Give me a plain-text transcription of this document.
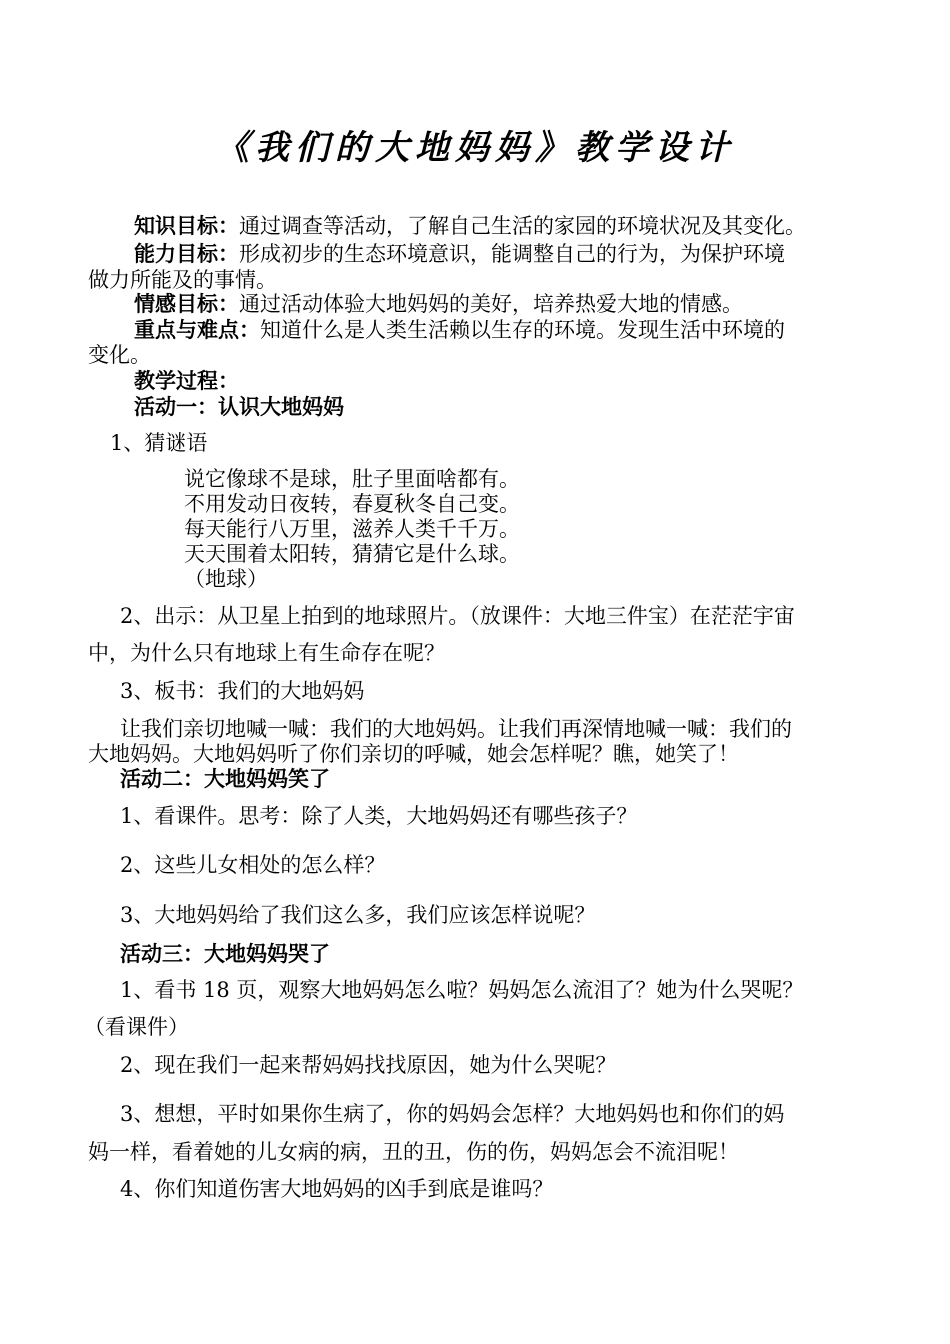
《我们的大地妈妈》教学设计
知识目标：通过调查等活动，了解自己生活的家园的环境状况及其变化。
能力目标：形成初步的生态环境意识，能调整自己的行为，为保护环境
做力所能及的事情。
情感目标：通过活动体验大地妈妈的美好，培养热爱大地的情感。
重点与难点：知道什么是人类生活赖以生存的环境。发现生活中环境的
变化。
教学过程：
活动一：认识大地妈妈
1、猜谜语
说它像球不是球，肚子里面啥都有。
不用发动日夜转，春夏秋冬自己变。
每天能行八万里，滋养人类千千万。
天天围着太阳转，猜猜它是什么球。
（地球）
2、出示：从卫星上拍到的地球照片。（放课件：大地三件宝）在茫茫宇宙
中，为什么只有地球上有生命存在呢？
3、板书：我们的大地妈妈
让我们亲切地喊一喊：我们的大地妈妈。让我们再深情地喊一喊：我们的
大地妈妈。大地妈妈听了你们亲切的呼喊，她会怎样呢？瞧，她笑了！
活动二：大地妈妈笑了
1、看课件。思考：除了人类，大地妈妈还有哪些孩子？
2、这些儿女相处的怎么样？
3、大地妈妈给了我们这么多，我们应该怎样说呢？
活动三：大地妈妈哭了
1、看书 18 页，观察大地妈妈怎么啦？妈妈怎么流泪了？她为什么哭呢？
（看课件）
2、现在我们一起来帮妈妈找找原因，她为什么哭呢？
3、想想，平时如果你生病了，你的妈妈会怎样？大地妈妈也和你们的妈
妈一样，看着她的儿女病的病，丑的丑，伤的伤，妈妈怎会不流泪呢！
4、你们知道伤害大地妈妈的凶手到底是谁吗？
